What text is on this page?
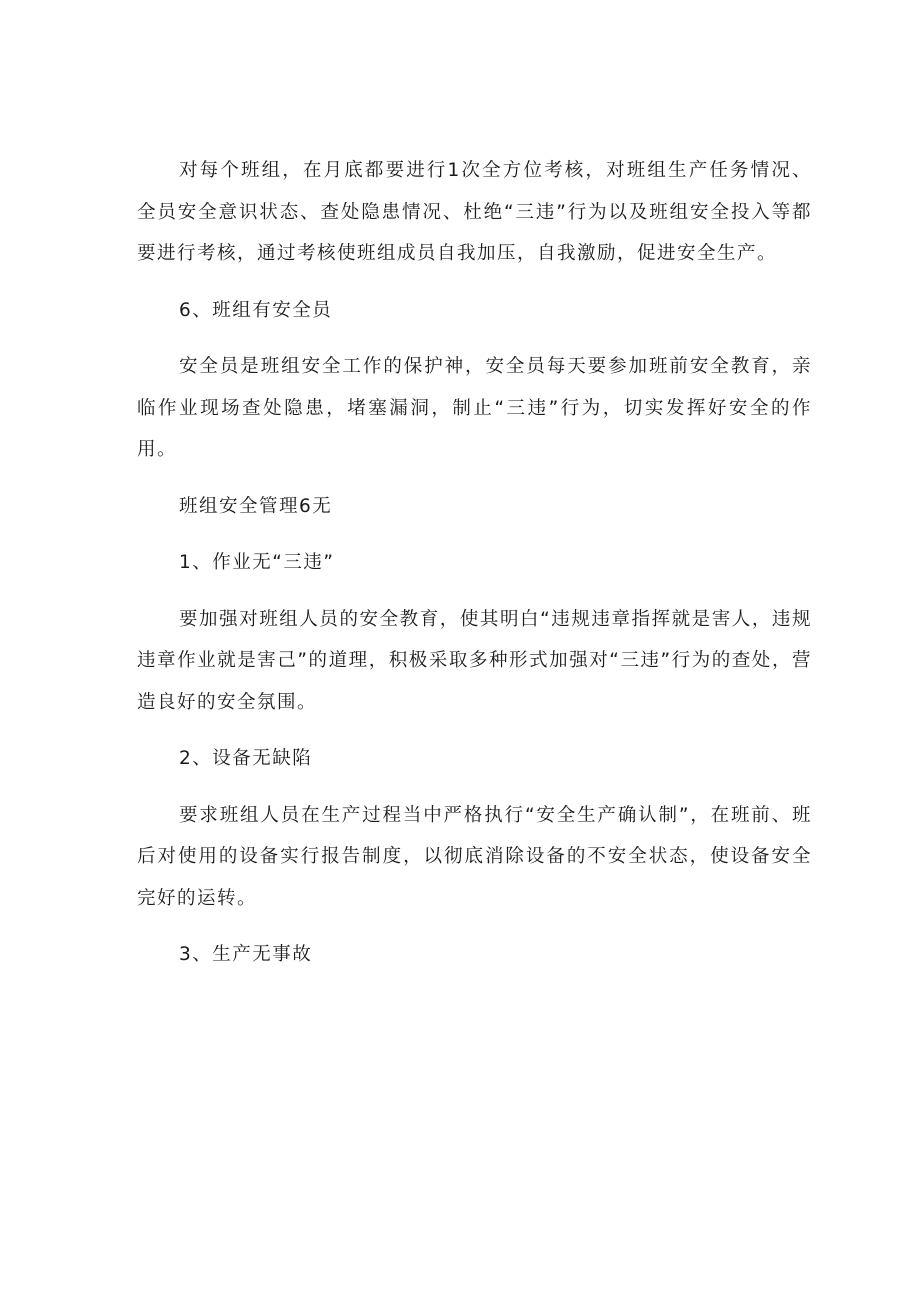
对每个班组，在月底都要进行1次全方位考核，对班组生产任务情况、全员安全意识状态、查处隐患情况、杜绝“三违”行为以及班组安全投入等都要进行考核，通过考核使班组成员自我加压，自我激励，促进安全生产。

6、班组有安全员

安全员是班组安全工作的保护神，安全员每天要参加班前安全教育，亲临作业现场查处隐患，堵塞漏洞，制止“三违”行为，切实发挥好安全的作用。

班组安全管理6无

1、作业无“三违”

要加强对班组人员的安全教育，使其明白“违规违章指挥就是害人，违规违章作业就是害己”的道理，积极采取多种形式加强对“三违”行为的查处，营造良好的安全氛围。

2、设备无缺陷

要求班组人员在生产过程当中严格执行“安全生产确认制”，在班前、班后对使用的设备实行报告制度，以彻底消除设备的不安全状态，使设备安全完好的运转。

3、生产无事故
